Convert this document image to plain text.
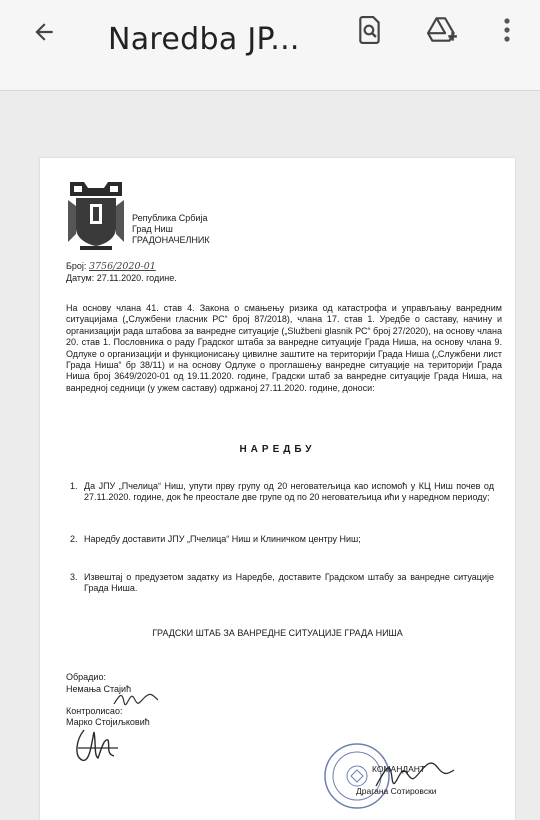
Naredba JP...
Република Србија
Град Ниш
ГРАДОНАЧЕЛНИК
Број: 3756/2020-01
Датум: 27.11.2020. године.
На основу члана 41. став 4. Закона о смањењу ризика од катастрофа и управљању ванредним ситуацијама („Службени гласник РС“ број 87/2018), члана 17. став 1. Уредбе о саставу, начину и организацији рада штабова за ванредне ситуације („Službeni glasnik РС“ број 27/2020), на основу члана 20. став 1. Пословника о раду Градског штаба за ванредне ситуације Града Ниша, на основу члана 9. Одлуке о организацији и функционисању цивилне заштите на територији Града Ниша („Службени лист Града Ниша“ бр 38/11) и на основу Одлуке о проглашењу ванредне ситуације на територији Града Ниша број 3649/2020-01 од 19.11.2020. године, Градски штаб за ванредне ситуације Града Ниша, на ванредној седници (у ужем саставу) одржаној 27.11.2020. године, доноси:
НАРЕДБУ
1. Да ЈПУ „Пчелица“ Ниш, упути прву групу од 20 неговатељица као испомоћ у КЦ Ниш почев од 27.11.2020. године, док ће преостале две групе од по 20 неговатељица ићи у наредном периоду;
2. Наредбу доставити ЈПУ „Пчелица“ Ниш и Клиничком центру Ниш;
3. Извештај о предузетом задатку из Наредбе, доставите Градском штабу за ванредне ситуације Града Ниша.
ГРАДСКИ ШТАБ ЗА ВАНРЕДНЕ СИТУАЦИЈЕ ГРАДА НИША
Обрадио:
Немања Стајић
Контролисао:
Марко Стојиљковић
КОМАНДАНТ
Драгана Сотировски
